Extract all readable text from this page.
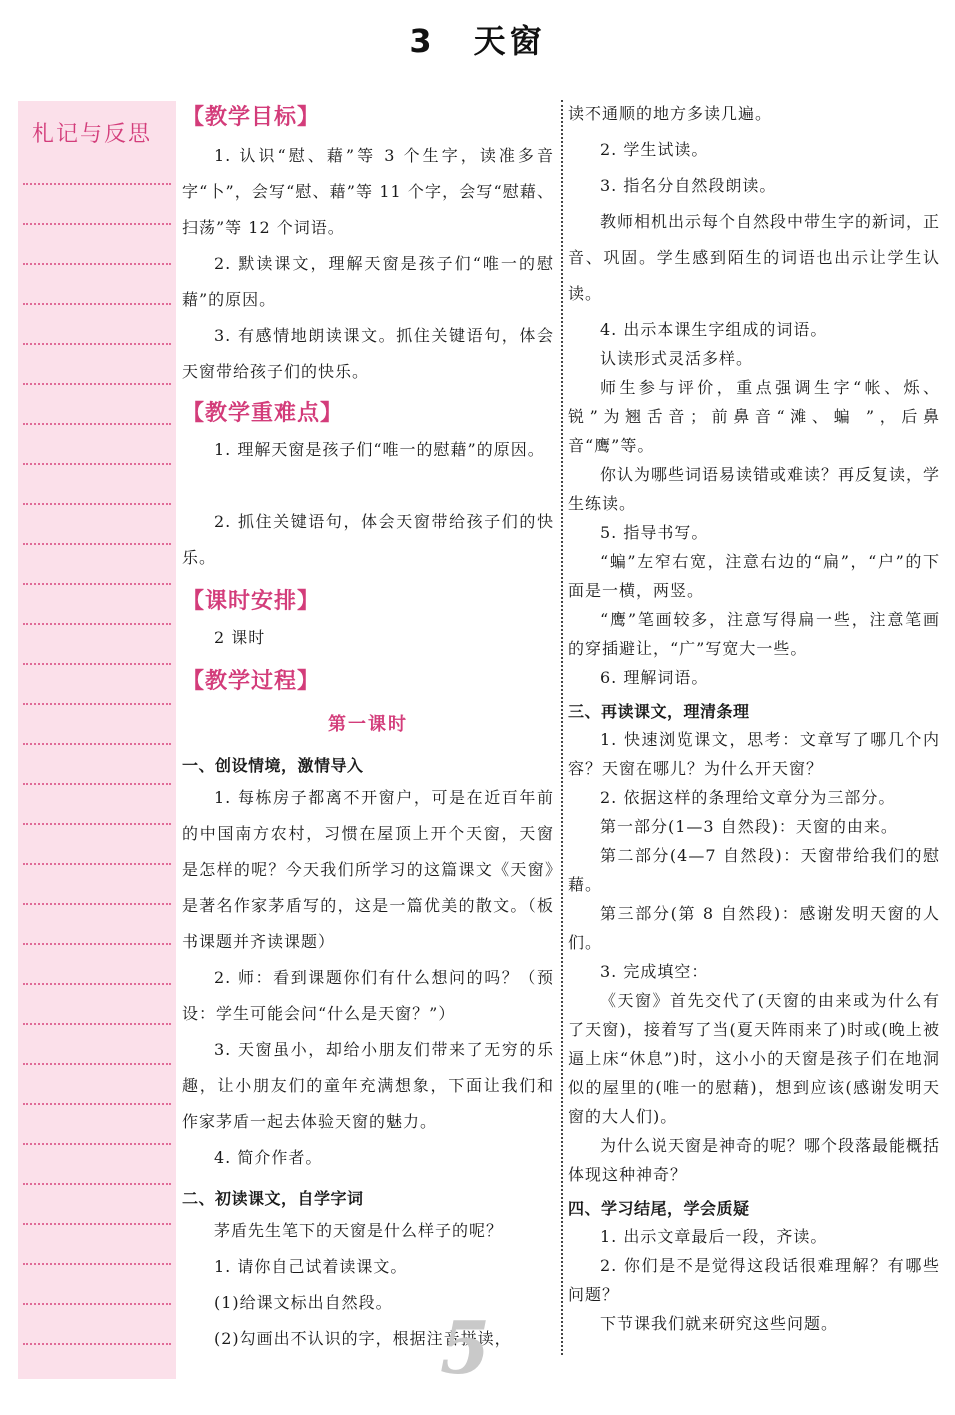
3 天窗
札记与反思
【教学目标】
1. 认识“慰、藉”等 3 个生字，读准多音字“卜”，会写“慰、藉”等 11 个字，会写“慰藉、扫荡”等 12 个词语。
2. 默读课文，理解天窗是孩子们“唯一的慰藉”的原因。
3. 有感情地朗读课文。抓住关键语句，体会天窗带给孩子们的快乐。
【教学重难点】
1. 理解天窗是孩子们“唯一的慰藉”的原因。
2. 抓住关键语句，体会天窗带给孩子们的快乐。
【课时安排】
2 课时
【教学过程】
第一课时
一、创设情境，激情导入
1. 每栋房子都离不开窗户，可是在近百年前的中国南方农村，习惯在屋顶上开个天窗，天窗是怎样的呢？今天我们所学习的这篇课文《天窗》是著名作家茅盾写的，这是一篇优美的散文。（板书课题并齐读课题）
2. 师：看到课题你们有什么想问的吗？（预设：学生可能会问“什么是天窗？”）
3. 天窗虽小，却给小朋友们带来了无穷的乐趣，让小朋友们的童年充满想象，下面让我们和作家茅盾一起去体验天窗的魅力。
4. 简介作者。
二、初读课文，自学字词
茅盾先生笔下的天窗是什么样子的呢？
1. 请你自己试着读课文。
(1)给课文标出自然段。
(2)勾画出不认识的字，根据注音拼读，
读不通顺的地方多读几遍。
2. 学生试读。
3. 指名分自然段朗读。
教师相机出示每个自然段中带生字的新词，正音、巩固。学生感到陌生的词语也出示让学生认读。
4. 出示本课生字组成的词语。
认读形式灵活多样。
师生参与评价，重点强调生字“帐、烁、锐”为翘舌音；前鼻音“滩、蝙 ”，后鼻音“鹰”等。
你认为哪些词语易读错或难读？再反复读，学生练读。
5. 指导书写。
“蝙”左窄右宽，注意右边的“扁”，“户”的下面是一横，两竖。
“鹰”笔画较多，注意写得扁一些，注意笔画的穿插避让，“广”写宽大一些。
6. 理解词语。
三、再读课文，理清条理
1. 快速浏览课文，思考：文章写了哪几个内容？天窗在哪儿？为什么开天窗？
2. 依据这样的条理给文章分为三部分。
第一部分(1—3 自然段)：天窗的由来。
第二部分(4—7 自然段)：天窗带给我们的慰藉。
第三部分(第 8 自然段)：感谢发明天窗的人们。
3. 完成填空：
《天窗》首先交代了(天窗的由来或为什么有了天窗)，接着写了当(夏天阵雨来了)时或(晚上被逼上床“休息”)时，这小小的天窗是孩子们在地洞似的屋里的(唯一的慰藉)，想到应该(感谢发明天窗的大人们)。
为什么说天窗是神奇的呢？哪个段落最能概括体现这种神奇？
四、学习结尾，学会质疑
1. 出示文章最后一段，齐读。
2. 你们是不是觉得这段话很难理解？有哪些问题？
下节课我们就来研究这些问题。
5
